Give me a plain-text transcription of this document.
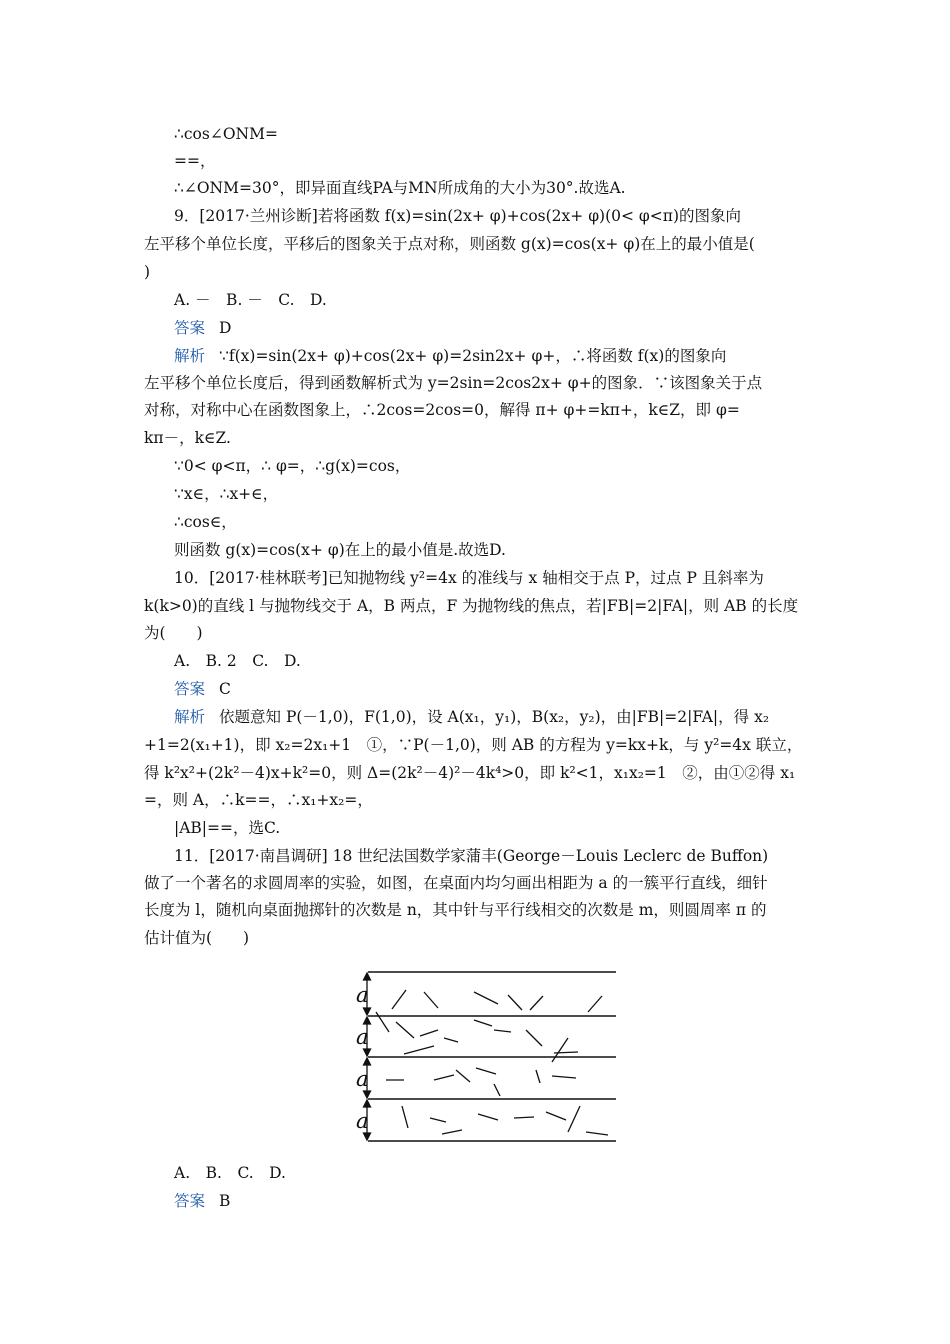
∴cos∠ONM=
==，
∴∠ONM=30°，即异面直线PA与MN所成角的大小为30°.故选A.
9．[2017·兰州诊断]若将函数 f(x)=sin(2x+ φ)+cos(2x+ φ)(0< φ<π)的图象向
左平移个单位长度，平移后的图象关于点对称，则函数 g(x)=cos(x+ φ)在上的最小值是(
)
A. －　B. －　C.　D.
答案 D
解析 ∵f(x)=sin(2x+ φ)+cos(2x+ φ)=2sin2x+ φ+，∴将函数 f(x)的图象向
左平移个单位长度后，得到函数解析式为 y=2sin=2cos2x+ φ+的图象．∵该图象关于点
对称，对称中心在函数图象上，∴2cos=2cos=0，解得 π+ φ+=kπ+，k∈Z，即 φ=
kπ－，k∈Z.
∵0< φ<π，∴ φ=，∴g(x)=cos，
∵x∈，∴x+∈，
∴cos∈，
则函数 g(x)=cos(x+ φ)在上的最小值是.故选D.
10．[2017·桂林联考]已知抛物线 y²=4x 的准线与 x 轴相交于点 P，过点 P 且斜率为
k(k>0)的直线 l 与抛物线交于 A，B 两点，F 为抛物线的焦点，若|FB|=2|FA|，则 AB 的长度
为(　　)
A.　B. 2　C.　D.
答案 C
解析 依题意知 P(－1,0)，F(1,0)，设 A(x₁，y₁)，B(x₂，y₂)，由|FB|=2|FA|，得 x₂
+1=2(x₁+1)，即 x₂=2x₁+1　①，∵P(－1,0)，则 AB 的方程为 y=kx+k，与 y²=4x 联立，
得 k²x²+(2k²－4)x+k²=0，则 Δ=(2k²－4)²－4k⁴>0，即 k²<1，x₁x₂=1　②，由①②得 x₁
=，则 A，∴k==，∴x₁+x₂=，
|AB|==，选C.
11．[2017·南昌调研] 18 世纪法国数学家蒲丰(George－Louis Leclerc de Buffon)
做了一个著名的求圆周率的实验，如图，在桌面内均匀画出相距为 a 的一簇平行直线，细针
长度为 l，随机向桌面抛掷针的次数是 n，其中针与平行线相交的次数是 m，则圆周率 π 的
估计值为(　　)
a
a
a
a
A.　B.　C.　D.
答案 B
